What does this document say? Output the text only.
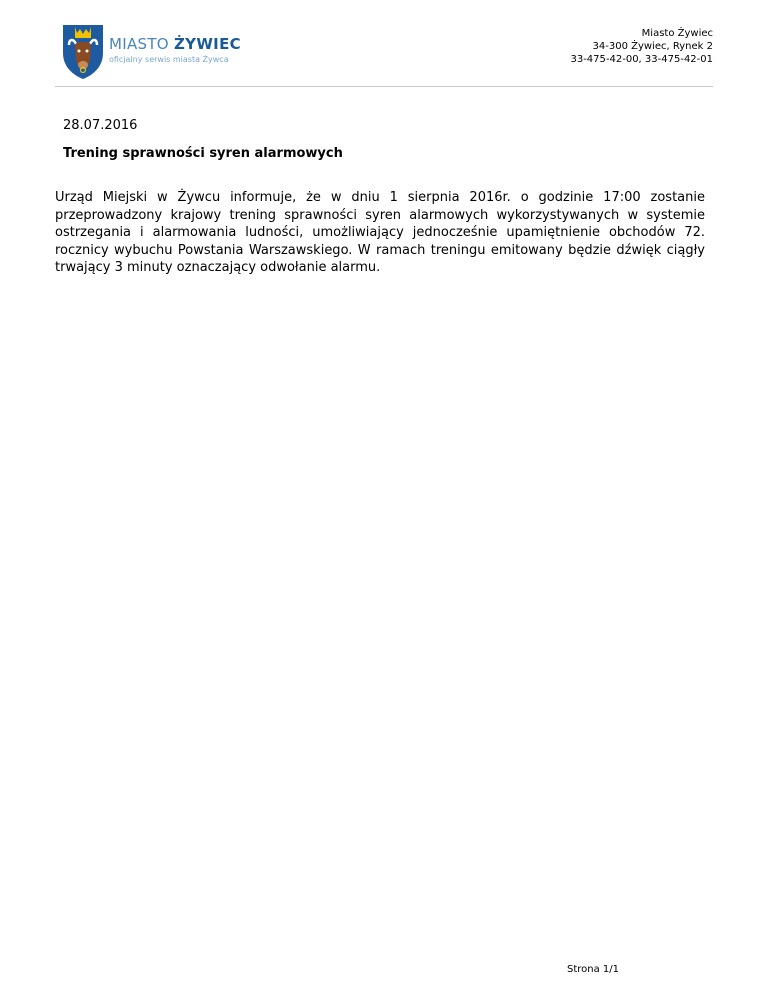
MIASTO ŻYWIEC
oficjalny serwis miasta Żywca
Miasto Żywiec
34-300 Żywiec, Rynek 2
33-475-42-00, 33-475-42-01
28.07.2016
Trening sprawności syren alarmowych
Urząd Miejski w Żywcu informuje, że w dniu 1 sierpnia 2016r. o godzinie 17:00 zostanie przeprowadzony krajowy trening sprawności syren alarmowych wykorzystywanych w systemie ostrzegania i alarmowania ludności, umożliwiający jednocześnie upamiętnienie obchodów 72. rocznicy wybuchu Powstania Warszawskiego. W ramach treningu emitowany będzie dźwięk ciągły trwający 3 minuty oznaczający odwołanie alarmu.
Strona 1/1
